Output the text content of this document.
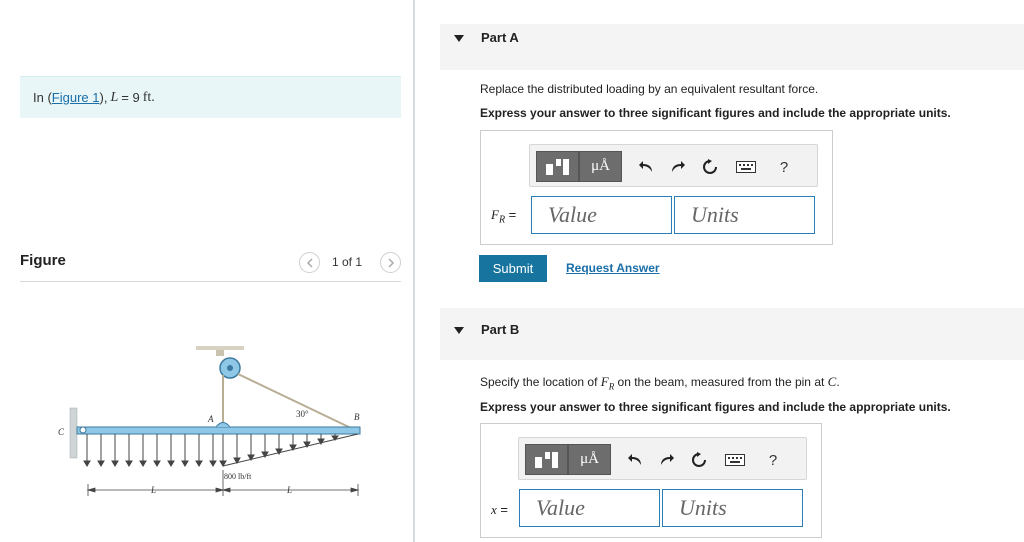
In ( Figure 1 ), L = 9 ft.
Figure	1 of 1
A	B
C
30°
800 lb/ft
L	L
Part A
Replace the distributed loading by an equivalent resultant force.
Express your answer to three significant figures and include the appropriate units.
μÅ	?
$F_R$ =	Value	Units
Submit	Request Answer
Part B
Specify the location of $F_R$ on the beam, measured from the pin at C.
Express your answer to three significant figures and include the appropriate units.
μÅ	?
x =	Value	Units
